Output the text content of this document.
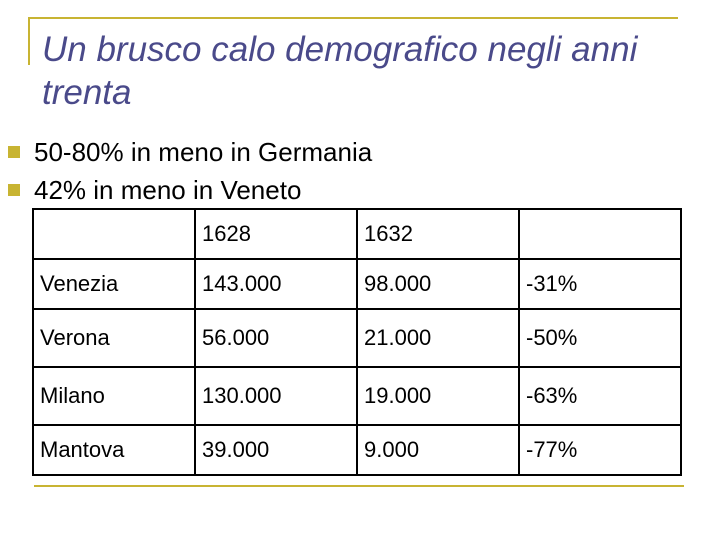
Un brusco calo demografico negli anni trenta
50-80% in meno in Germania
42% in meno in Veneto
	1628	1632	
Venezia	143.000	98.000	-31%
Verona	56.000	21.000	-50%
Milano	130.000	19.000	-63%
Mantova	39.000	9.000	-77%
